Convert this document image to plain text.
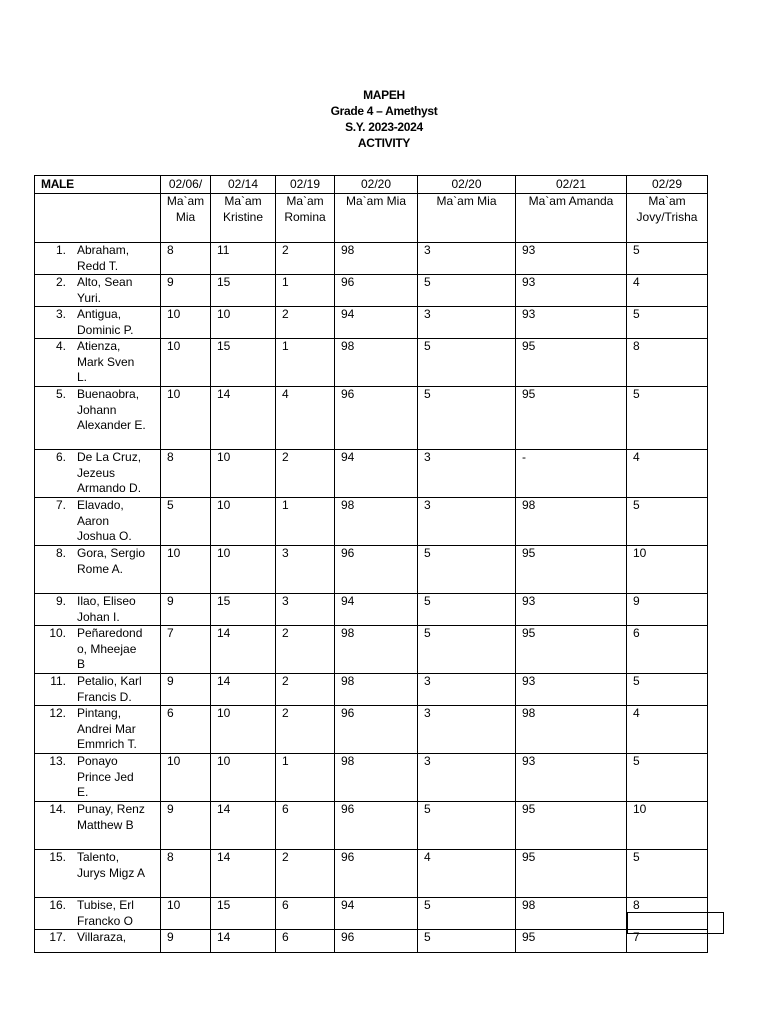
MAPEH
Grade 4 – Amethyst
S.Y. 2023-2024
ACTIVITY
MALE	02/06/	02/14	02/19	02/20	02/20	02/21	02/29
	Ma`am Mia	Ma`am Kristine	Ma`am Romina	Ma`am Mia	Ma`am Mia	Ma`am Amanda	Ma`am Jovy/Trisha

1. Abraham, Redd T.	8	11	2	98	3	93	5

2. Alto, Sean Yuri.	9	15	1	96	5	93	4

3. Antigua, Dominic P.	10	10	2	94	3	93	5

4. Atienza, Mark Sven L.	10	15	1	98	5	95	8

5. Buenaobra, Johann Alexander E.	10	14	4	96	5	95	5

6. De La Cruz, Jezeus Armando D.	8	10	2	94	3	-	4

7. Elavado, Aaron Joshua O.	5	10	1	98	3	98	5

8. Gora, Sergio Rome A.	10	10	3	96	5	95	10

9. Ilao, Eliseo Johan I.	9	15	3	94	5	93	9

10. Peñaredondo, Mheejae B	7	14	2	98	5	95	6

11. Petalio, Karl Francis D.	9	14	2	98	3	93	5

12. Pintang, Andrei Mar Emmrich T.	6	10	2	96	3	98	4

13. Ponayo Prince Jed E.	10	10	1	98	3	93	5

14. Punay, Renz Matthew B	9	14	6	96	5	95	10

15. Talento, Jurys Migz A	8	14	2	96	4	95	5

16. Tubise, Erl Francko O	10	15	6	94	5	98	8

17. Villaraza,	9	14	6	96	5	95	7
